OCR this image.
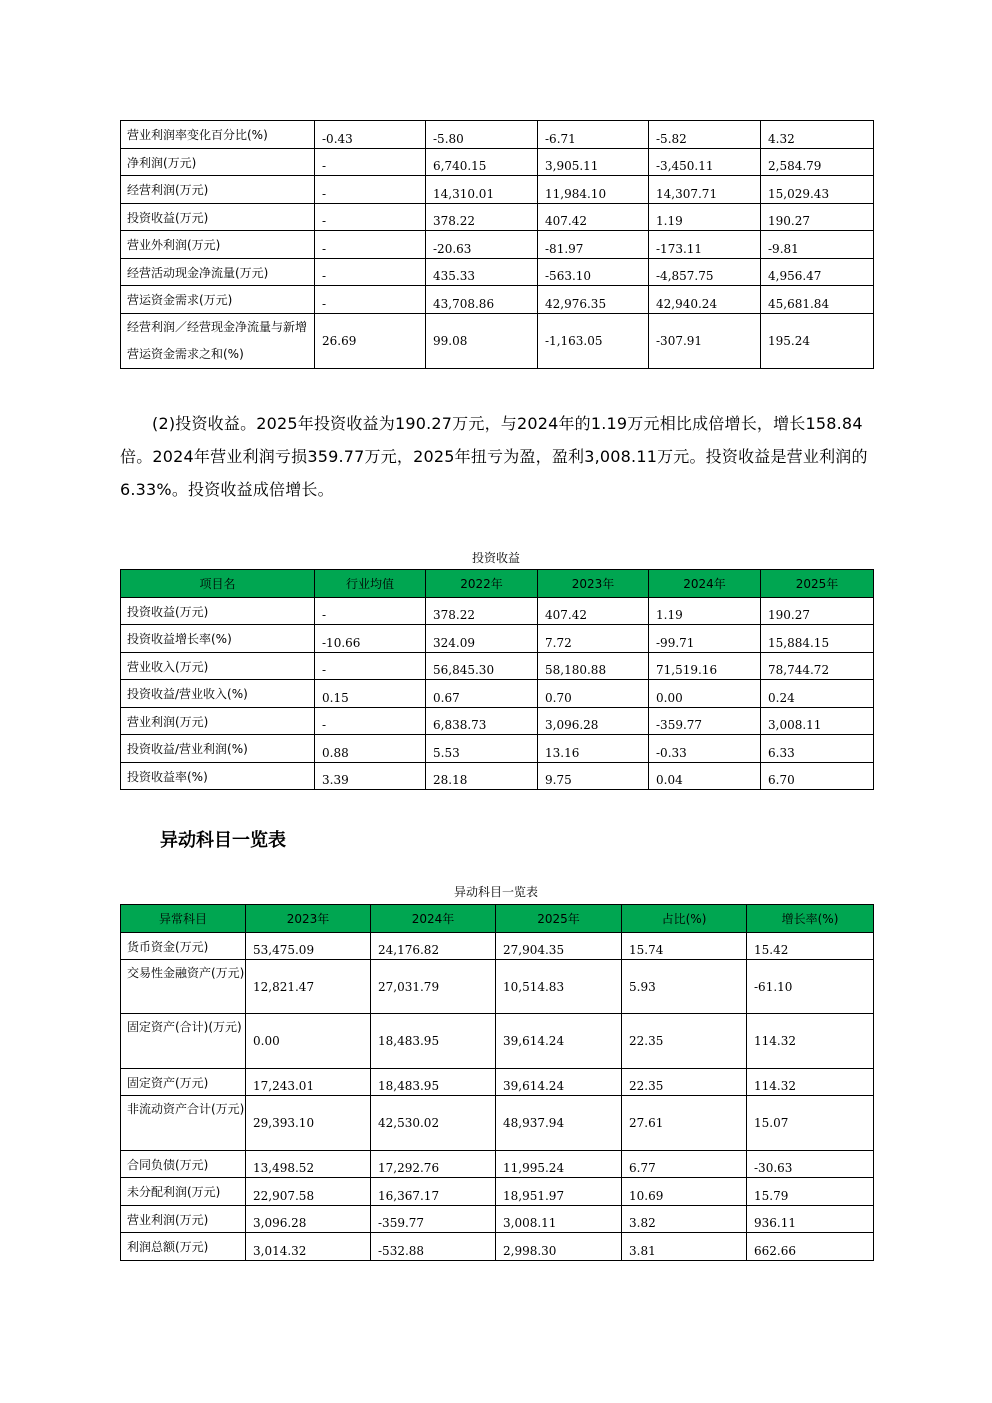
营业利润率变化百分比(%)	-0.43	-5.80	-6.71	-5.82	4.32
净利润(万元)	-	6,740.15	3,905.11	-3,450.11	2,584.79
经营利润(万元)	-	14,310.01	11,984.10	14,307.71	15,029.43
投资收益(万元)	-	378.22	407.42	1.19	190.27
营业外利润(万元)	-	-20.63	-81.97	-173.11	-9.81
经营活动现金净流量(万元)	-	435.33	-563.10	-4,857.75	4,956.47
营运资金需求(万元)	-	43,708.86	42,976.35	42,940.24	45,681.84
经营利润／经营现金净流量与新增营运资金需求之和(%)	26.69	99.08	-1,163.05	-307.91	195.24

(2)投资收益。2025年投资收益为190.27万元，与2024年的1.19万元相比成倍增长，增长158.84倍。2024年营业利润亏损359.77万元，2025年扭亏为盈，盈利3,008.11万元。投资收益是营业利润的6.33%。投资收益成倍增长。

投资收益
项目名	行业均值	2022年	2023年	2024年	2025年
投资收益(万元)	-	378.22	407.42	1.19	190.27
投资收益增长率(%)	-10.66	324.09	7.72	-99.71	15,884.15
营业收入(万元)	-	56,845.30	58,180.88	71,519.16	78,744.72
投资收益/营业收入(%)	0.15	0.67	0.70	0.00	0.24
营业利润(万元)	-	6,838.73	3,096.28	-359.77	3,008.11
投资收益/营业利润(%)	0.88	5.53	13.16	-0.33	6.33
投资收益率(%)	3.39	28.18	9.75	0.04	6.70
异动科目一览表
异动科目一览表
异常科目	2023年	2024年	2025年	占比(%)	增长率(%)
货币资金(万元)	53,475.09	24,176.82	27,904.35	15.74	15.42
交易性金融资产(万元)	12,821.47	27,031.79	10,514.83	5.93	-61.10
固定资产(合计)(万元)	0.00	18,483.95	39,614.24	22.35	114.32
固定资产(万元)	17,243.01	18,483.95	39,614.24	22.35	114.32
非流动资产合计(万元)	29,393.10	42,530.02	48,937.94	27.61	15.07
合同负债(万元)	13,498.52	17,292.76	11,995.24	6.77	-30.63
未分配利润(万元)	22,907.58	16,367.17	18,951.97	10.69	15.79
营业利润(万元)	3,096.28	-359.77	3,008.11	3.82	936.11
利润总额(万元)	3,014.32	-532.88	2,998.30	3.81	662.66
